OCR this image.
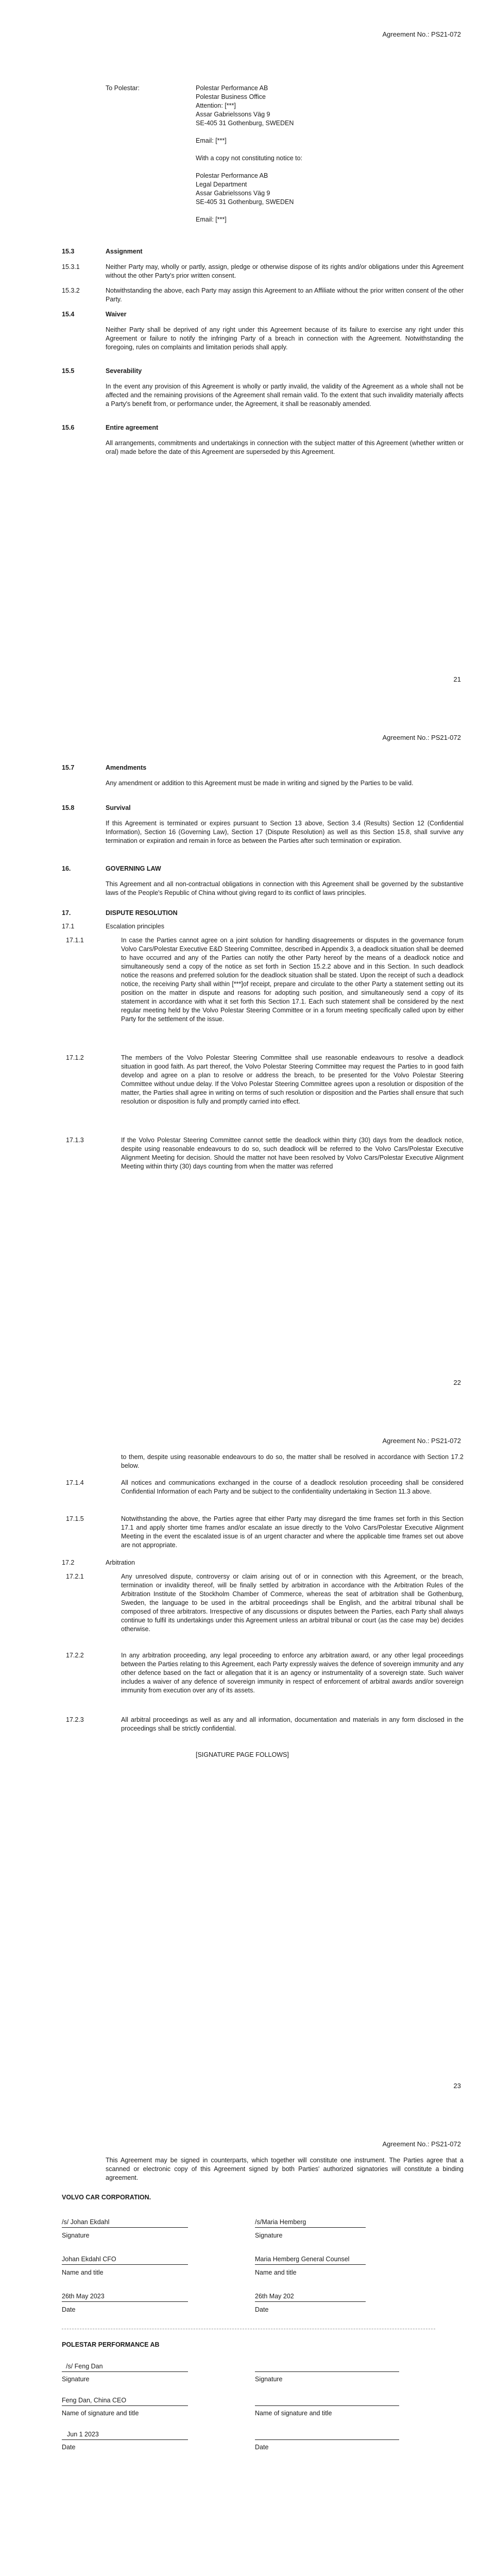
Agreement No.: PS21-072
To Polestar:	Polestar Performance AB
Polestar Business Office
Attention: [***]
Assar Gabrielssons Väg 9
SE-405 31 Gothenburg, SWEDEN
Email: [***]
With a copy not constituting notice to:
Polestar Performance AB
Legal Department
Assar Gabrielssons Väg 9
SE-405 31 Gothenburg, SWEDEN
Email: [***]
15.3	Assignment
15.3.1	Neither Party may, wholly or partly, assign, pledge or otherwise dispose of its rights and/or obligations under this Agreement without the other Party's prior written consent.
15.3.2	Notwithstanding the above, each Party may assign this Agreement to an Affiliate without the prior written consent of the other Party.
15.4	Waiver
Neither Party shall be deprived of any right under this Agreement because of its failure to exercise any right under this Agreement or failure to notify the infringing Party of a breach in connection with the Agreement. Notwithstanding the foregoing, rules on complaints and limitation periods shall apply.
15.5	Severability
In the event any provision of this Agreement is wholly or partly invalid, the validity of the Agreement as a whole shall not be affected and the remaining provisions of the Agreement shall remain valid. To the extent that such invalidity materially affects a Party's benefit from, or performance under, the Agreement, it shall be reasonably amended.
15.6	Entire agreement
All arrangements, commitments and undertakings in connection with the subject matter of this Agreement (whether written or oral) made before the date of this Agreement are superseded by this Agreement.
21
Agreement No.: PS21-072
15.7	Amendments
Any amendment or addition to this Agreement must be made in writing and signed by the Parties to be valid.
15.8	Survival
If this Agreement is terminated or expires pursuant to Section 13 above, Section 3.4 (Results) Section 12 (Confidential Information), Section 16 (Governing Law), Section 17 (Dispute Resolution) as well as this Section 15.8, shall survive any termination or expiration and remain in force as between the Parties after such termination or expiration.
16.	GOVERNING LAW
This Agreement and all non-contractual obligations in connection with this Agreement shall be governed by the substantive laws of the People's Republic of China without giving regard to its conflict of laws principles.
17.	DISPUTE RESOLUTION
17.1	Escalation principles
17.1.1	In case the Parties cannot agree on a joint solution for handling disagreements or disputes in the governance forum Volvo Cars/Polestar Executive E&D Steering Committee, described in Appendix 3, a deadlock situation shall be deemed to have occurred and any of the Parties can notify the other Party hereof by the means of a deadlock notice and simultaneously send a copy of the notice as set forth in Section 15.2.2 above and in this Section. In such deadlock notice the reasons and preferred solution for the deadlock situation shall be stated. Upon the receipt of such a deadlock notice, the receiving Party shall within [***]of receipt, prepare and circulate to the other Party a statement setting out its position on the matter in dispute and reasons for adopting such position, and simultaneously send a copy of its statement in accordance with what it set forth this Section 17.1. Each such statement shall be considered by the next regular meeting held by the Volvo Polestar Steering Committee or in a forum meeting specifically called upon by either Party for the settlement of the issue.
17.1.2	The members of the Volvo Polestar Steering Committee shall use reasonable endeavours to resolve a deadlock situation in good faith. As part thereof, the Volvo Polestar Steering Committee may request the Parties to in good faith develop and agree on a plan to resolve or address the breach, to be presented for the Volvo Polestar Steering Committee without undue delay. If the Volvo Polestar Steering Committee agrees upon a resolution or disposition of the matter, the Parties shall agree in writing on terms of such resolution or disposition and the Parties shall ensure that such resolution or disposition is fully and promptly carried into effect.
17.1.3	If the Volvo Polestar Steering Committee cannot settle the deadlock within thirty (30) days from the deadlock notice, despite using reasonable endeavours to do so, such deadlock will be referred to the Volvo Cars/Polestar Executive Alignment Meeting for decision. Should the matter not have been resolved by Volvo Cars/Polestar Executive Alignment Meeting within thirty (30) days counting from when the matter was referred
22
Agreement No.: PS21-072
to them, despite using reasonable endeavours to do so, the matter shall be resolved in accordance with Section 17.2 below.
17.1.4	All notices and communications exchanged in the course of a deadlock resolution proceeding shall be considered Confidential Information of each Party and be subject to the confidentiality undertaking in Section 11.3 above.
17.1.5	Notwithstanding the above, the Parties agree that either Party may disregard the time frames set forth in this Section 17.1 and apply shorter time frames and/or escalate an issue directly to the Volvo Cars/Polestar Executive Alignment Meeting in the event the escalated issue is of an urgent character and where the applicable time frames set out above are not appropriate.
17.2	Arbitration
17.2.1	Any unresolved dispute, controversy or claim arising out of or in connection with this Agreement, or the breach, termination or invalidity thereof, will be finally settled by arbitration in accordance with the Arbitration Rules of the Arbitration Institute of the Stockholm Chamber of Commerce, whereas the seat of arbitration shall be Gothenburg, Sweden, the language to be used in the arbitral proceedings shall be English, and the arbitral tribunal shall be composed of three arbitrators. Irrespective of any discussions or disputes between the Parties, each Party shall always continue to fulfil its undertakings under this Agreement unless an arbitral tribunal or court (as the case may be) decides otherwise.
17.2.2	In any arbitration proceeding, any legal proceeding to enforce any arbitration award, or any other legal proceedings between the Parties relating to this Agreement, each Party expressly waives the defence of sovereign immunity and any other defence based on the fact or allegation that it is an agency or instrumentality of a sovereign state. Such waiver includes a waiver of any defence of sovereign immunity in respect of enforcement of arbitral awards and/or sovereign immunity from execution over any of its assets.
17.2.3	All arbitral proceedings as well as any and all information, documentation and materials in any form disclosed in the proceedings shall be strictly confidential.
[SIGNATURE PAGE FOLLOWS]
23
Agreement No.: PS21-072
This Agreement may be signed in counterparts, which together will constitute one instrument. The Parties agree that a scanned or electronic copy of this Agreement signed by both Parties' authorized signatories will constitute a binding agreement.
VOLVO CAR CORPORATION.
/s/ Johan Ekdahl
Signature
/s/Maria Hemberg
Signature
Johan Ekdahl CFO
Name and title
Maria Hemberg General Counsel
Name and title
26th May 2023
Date
26th May 202
Date
POLESTAR PERFORMANCE AB
/s/ Feng Dan
Signature	Signature
Feng Dan, China CEO
Name of signature and title	Name of signature and title
Jun 1 2023
Date	Date
